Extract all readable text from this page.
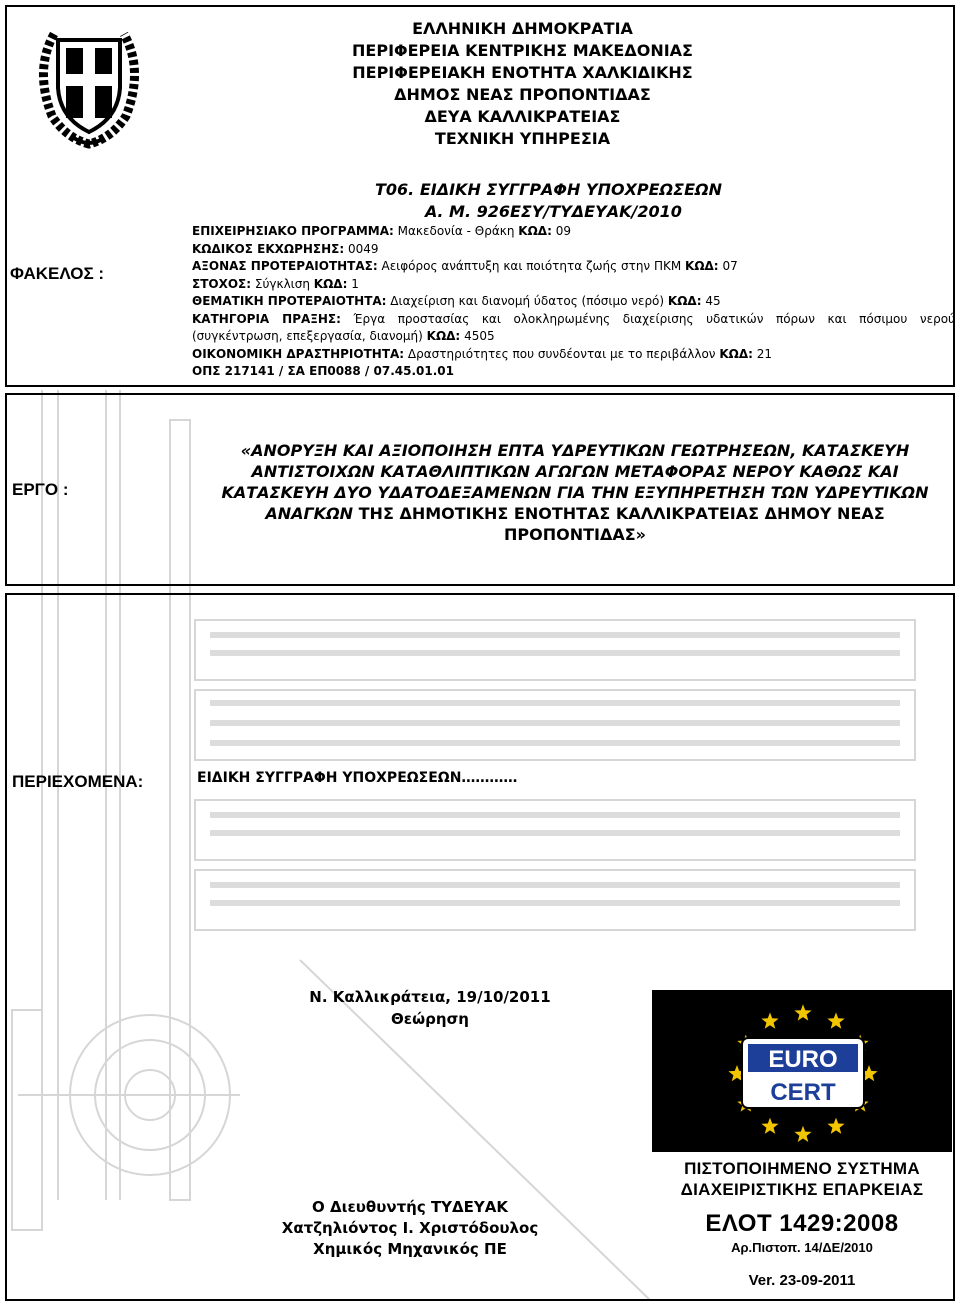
ΕΛΛΗΝΙΚΗ ΔΗΜΟΚΡΑΤΙΑ
ΠΕΡΙΦΕΡΕΙΑ ΚΕΝΤΡΙΚΗΣ ΜΑΚΕΔΟΝΙΑΣ
ΠΕΡΙΦΕΡΕΙΑΚΗ ΕΝΟΤΗΤΑ ΧΑΛΚΙΔΙΚΗΣ
ΔΗΜΟΣ ΝΕΑΣ ΠΡΟΠΟΝΤΙΔΑΣ
ΔΕΥΑ ΚΑΛΛΙΚΡΑΤΕΙΑΣ
ΤΕΧΝΙΚΗ ΥΠΗΡΕΣΙΑ
ΦΑΚΕΛΟΣ :
Τ06. ΕΙΔΙΚΗ ΣΥΓΓΡΑΦΗ ΥΠΟΧΡΕΩΣΕΩΝ
Α. Μ. 926ΕΣΥ/ΤΥΔΕΥΑΚ/2010
ΕΠΙΧΕΙΡΗΣΙΑΚΟ ΠΡΟΓΡΑΜΜΑ: Μακεδονία - Θράκη ΚΩΔ: 09
ΚΩΔΙΚΟΣ ΕΚΧΩΡΗΣΗΣ: 0049
ΑΞΟΝΑΣ ΠΡΟΤΕΡΑΙΟΤΗΤΑΣ: Αειφόρος ανάπτυξη και ποιότητα ζωής στην ΠΚΜ ΚΩΔ: 07
ΣΤΟΧΟΣ: Σύγκλιση ΚΩΔ: 1
ΘΕΜΑΤΙΚΗ ΠΡΟΤΕΡΑΙΟΤΗΤΑ: Διαχείριση και διανομή ύδατος (πόσιμο νερό) ΚΩΔ: 45
ΚΑΤΗΓΟΡΙΑ ΠΡΑΞΗΣ: Έργα προστασίας και ολοκληρωμένης διαχείρισης υδατικών πόρων και πόσιμου νερού
(συγκέντρωση, επεξεργασία, διανομή) ΚΩΔ: 4505
ΟΙΚΟΝΟΜΙΚΗ ΔΡΑΣΤΗΡΙΟΤΗΤΑ: Δραστηριότητες που συνδέονται με το περιβάλλον ΚΩΔ: 21
ΟΠΣ 217141 / ΣΑ ΕΠ0088 / 07.45.01.01
ΕΡΓΟ :
«ΑΝΟΡΥΞΗ ΚΑΙ ΑΞΙΟΠΟΙΗΣΗ ΕΠΤΑ ΥΔΡΕΥΤΙΚΩΝ ΓΕΩΤΡΗΣΕΩΝ, ΚΑΤΑΣΚΕΥΗ
ΑΝΤΙΣΤΟΙΧΩΝ ΚΑΤΑΘΛΙΠΤΙΚΩΝ ΑΓΩΓΩΝ ΜΕΤΑΦΟΡΑΣ ΝΕΡΟΥ ΚΑΘΩΣ ΚΑΙ
ΚΑΤΑΣΚΕΥΗ ΔΥΟ ΥΔΑΤΟΔΕΞΑΜΕΝΩΝ ΓΙΑ ΤΗΝ ΕΞΥΠΗΡΕΤΗΣΗ ΤΩΝ ΥΔΡΕΥΤΙΚΩΝ
ΑΝΑΓΚΩΝ ΤΗΣ ΔΗΜΟΤΙΚΗΣ ΕΝΟΤΗΤΑΣ ΚΑΛΛΙΚΡΑΤΕΙΑΣ ΔΗΜΟΥ ΝΕΑΣ
ΠΡΟΠΟΝΤΙΔΑΣ»
ΠΕΡΙΕΧΟΜΕΝΑ:	ΕΙΔΙΚΗ ΣΥΓΓΡΑΦΗ ΥΠΟΧΡΕΩΣΕΩΝ…………
Ν. Καλλικράτεια, 19/10/2011
Θεώρηση
Ο Διευθυντής ΤΥΔΕΥΑΚ
Χατζηλιόντος Ι. Χριστόδουλος
Χημικός Μηχανικός ΠΕ
EURO
CERT
ΠΙΣΤΟΠΟΙΗΜΕΝΟ ΣΥΣΤΗΜΑ
ΔΙΑΧΕΙΡΙΣΤΙΚΗΣ ΕΠΑΡΚΕΙΑΣ
ΕΛΟΤ 1429:2008
Αρ.Πιστοπ. 14/ΔΕ/2010
Ver. 23-09-2011
